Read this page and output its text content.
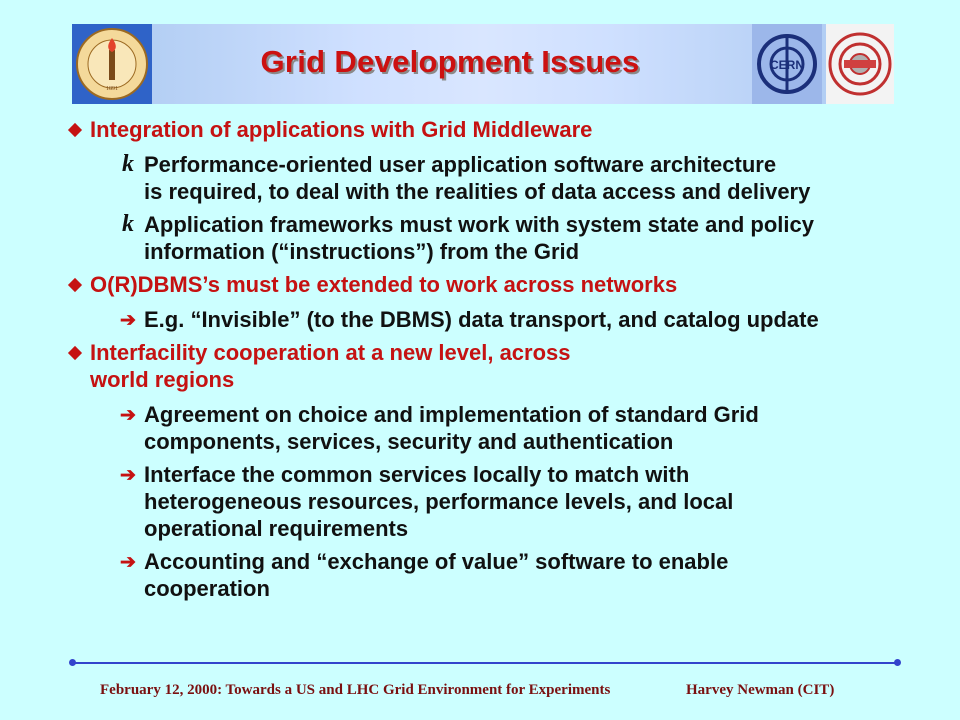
1891
CERN
Grid Development Issues
Integration of applications with Grid Middleware
k Performance-oriented user application software architecture
is required, to deal with the realities of data access and delivery
k Application frameworks must work with system state and policy
information (“instructions”) from the Grid
O(R)DBMS’s must be extended to work across networks
➔ E.g. “Invisible” (to the DBMS) data transport, and catalog update
Interfacility cooperation at a new level, across
world regions
➔ Agreement on choice and implementation of standard Grid
components, services, security and authentication
➔ Interface the common services locally to match with
heterogeneous resources, performance levels, and local
operational requirements
➔ Accounting and “exchange of value” software to enable
cooperation
February 12, 2000: Towards a US and LHC Grid Environment for Experiments	Harvey Newman (CIT)
